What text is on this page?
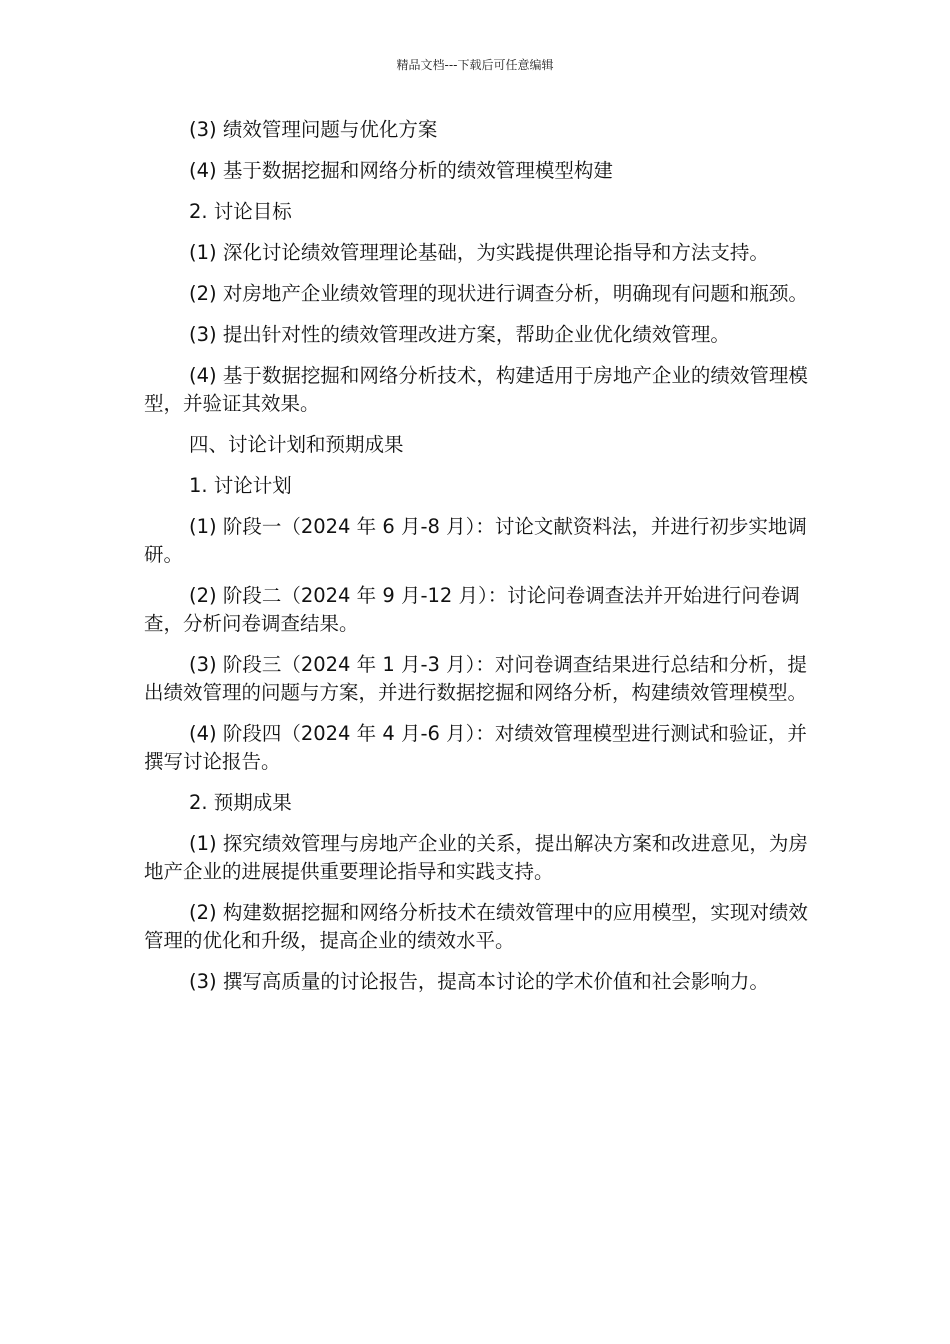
精品文档---下载后可任意编辑

(3) 绩效管理问题与优化方案

(4) 基于数据挖掘和网络分析的绩效管理模型构建

2. 讨论目标

(1) 深化讨论绩效管理理论基础，为实践提供理论指导和方法支持。

(2) 对房地产企业绩效管理的现状进行调查分析，明确现有问题和瓶颈。

(3) 提出针对性的绩效管理改进方案，帮助企业优化绩效管理。

(4) 基于数据挖掘和网络分析技术，构建适用于房地产企业的绩效管理模型，并验证其效果。

四、讨论计划和预期成果

1. 讨论计划

(1) 阶段一（2024 年 6 月-8 月）：讨论文献资料法，并进行初步实地调研。

(2) 阶段二（2024 年 9 月-12 月）：讨论问卷调查法并开始进行问卷调查，分析问卷调查结果。

(3) 阶段三（2024 年 1 月-3 月）：对问卷调查结果进行总结和分析，提出绩效管理的问题与方案，并进行数据挖掘和网络分析，构建绩效管理模型。

(4) 阶段四（2024 年 4 月-6 月）：对绩效管理模型进行测试和验证，并撰写讨论报告。

2. 预期成果

(1) 探究绩效管理与房地产企业的关系，提出解决方案和改进意见，为房地产企业的进展提供重要理论指导和实践支持。

(2) 构建数据挖掘和网络分析技术在绩效管理中的应用模型，实现对绩效管理的优化和升级，提高企业的绩效水平。

(3) 撰写高质量的讨论报告，提高本讨论的学术价值和社会影响力。
